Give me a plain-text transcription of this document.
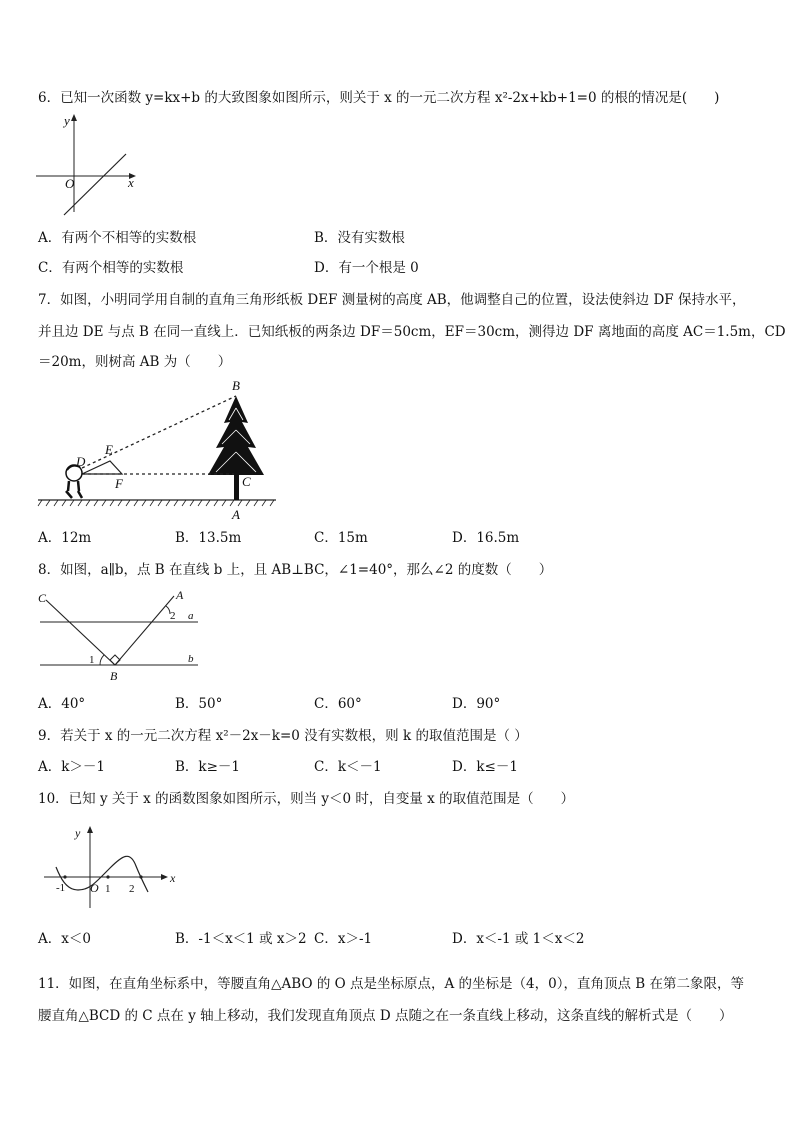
6．已知一次函数 y=kx+b 的大致图象如图所示，则关于 x 的一元二次方程 x²-2x+kb+1=0 的根的情况是(　　)
y
O	x
A．有两个不相等的实数根	B．没有实数根
C．有两个相等的实数根	D．有一个根是 0
7．如图，小明同学用自制的直角三角形纸板 DEF 测量树的高度 AB，他调整自己的位置，设法使斜边 DF 保持水平，
并且边 DE 与点 B 在同一直线上．已知纸板的两条边 DF＝50cm，EF＝30cm，测得边 DF 离地面的高度 AC＝1.5m，CD
＝20m，则树高 AB 为（　　）
B
E
D
F	C
A
A．12m	B．13.5m	C．15m	D．16.5m
8．如图，a∥b，点 B 在直线 b 上，且 AB⊥BC，∠1=40°，那么∠2 的度数（　　）
C	A
a
b
B
1
2
A．40°	B．50°	C．60°	D．90°
9．若关于 x 的一元二次方程 x²－2x－k=0 没有实数根，则 k 的取值范围是（ ）
A．k＞－1	B．k≥－1	C．k＜－1	D．k≤－1
10．已知 y 关于 x 的函数图象如图所示，则当 y＜0 时，自变量 x 的取值范围是（　　）
y
x
O
-1	1 2
A．x＜0	B．-1＜x＜1 或 x＞2	D．x＜-1 或 1＜x＜2
C．x＞-1
11．如图，在直角坐标系中，等腰直角△ABO 的 O 点是坐标原点，A 的坐标是（4，0），直角顶点 B 在第二象限，等
腰直角△BCD 的 C 点在 y 轴上移动，我们发现直角顶点 D 点随之在一条直线上移动，这条直线的解析式是（　　）
